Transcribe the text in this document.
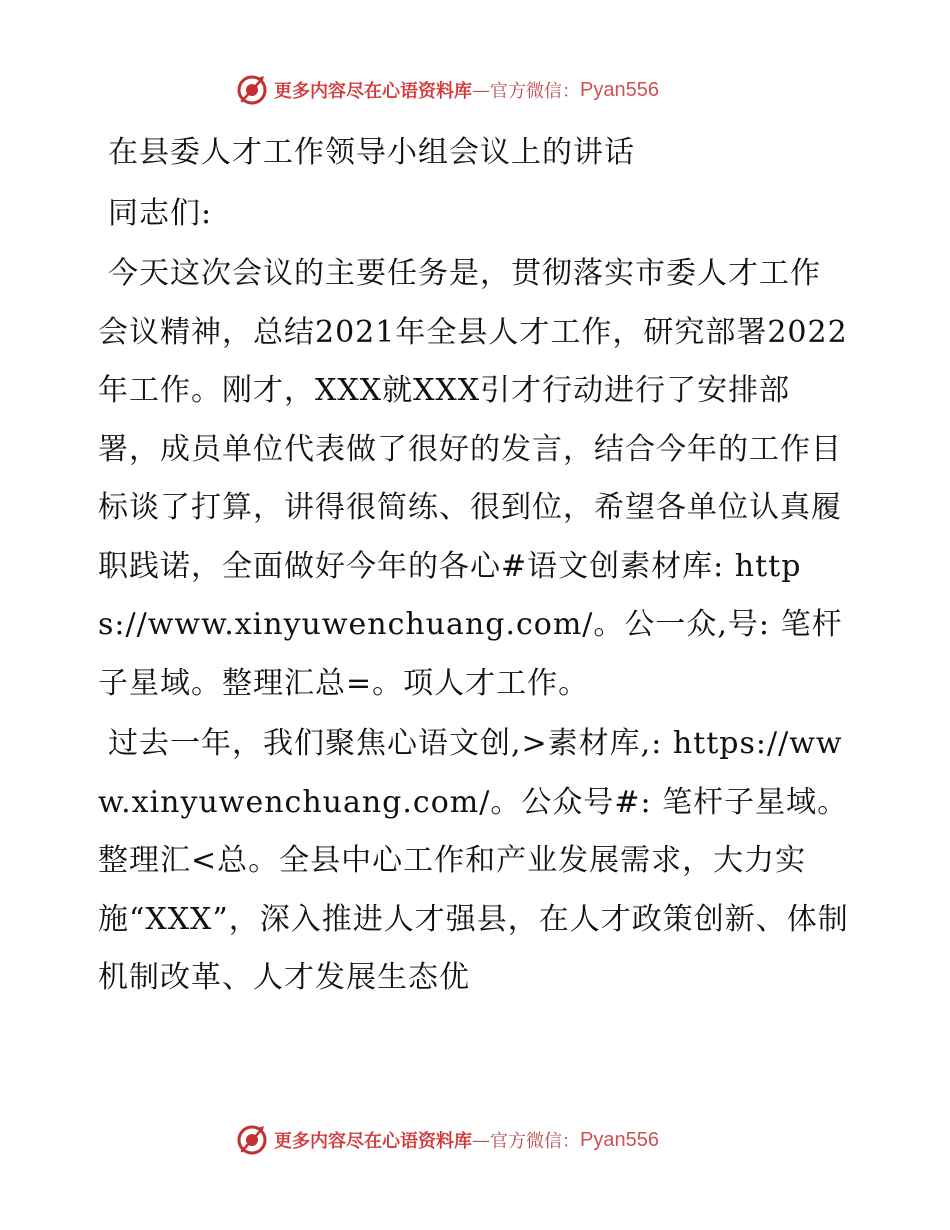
更多内容尽在心语资料库 — 官方微信： Pyan556

在县委人才工作领导小组会议上的讲话

同志们:

今天这次会议的主要任务是，贯彻落实市委人才工作会议精神，总结2021年全县人才工作，研究部署2022年工作。刚才，XXX就XXX引才行动进行了安排部署，成员单位代表做了很好的发言，结合今年的工作目标谈了打算，讲得很简练、很到位，希望各单位认真履职践诺，全面做好今年的各心#语文创素材库: https://www.xinyuwenchuang.com/。公一众,号: 笔杆子星域。整理汇总=。项人才工作。

过去一年，我们聚焦心语文创,>素材库,: https://www.xinyuwenchuang.com/。公众号#: 笔杆子星域。整理汇<总。全县中心工作和产业发展需求，大力实施“XXX”，深入推进人才强县，在人才政策创新、体制机制改革、人才发展生态优

更多内容尽在心语资料库 — 官方微信： Pyan556
